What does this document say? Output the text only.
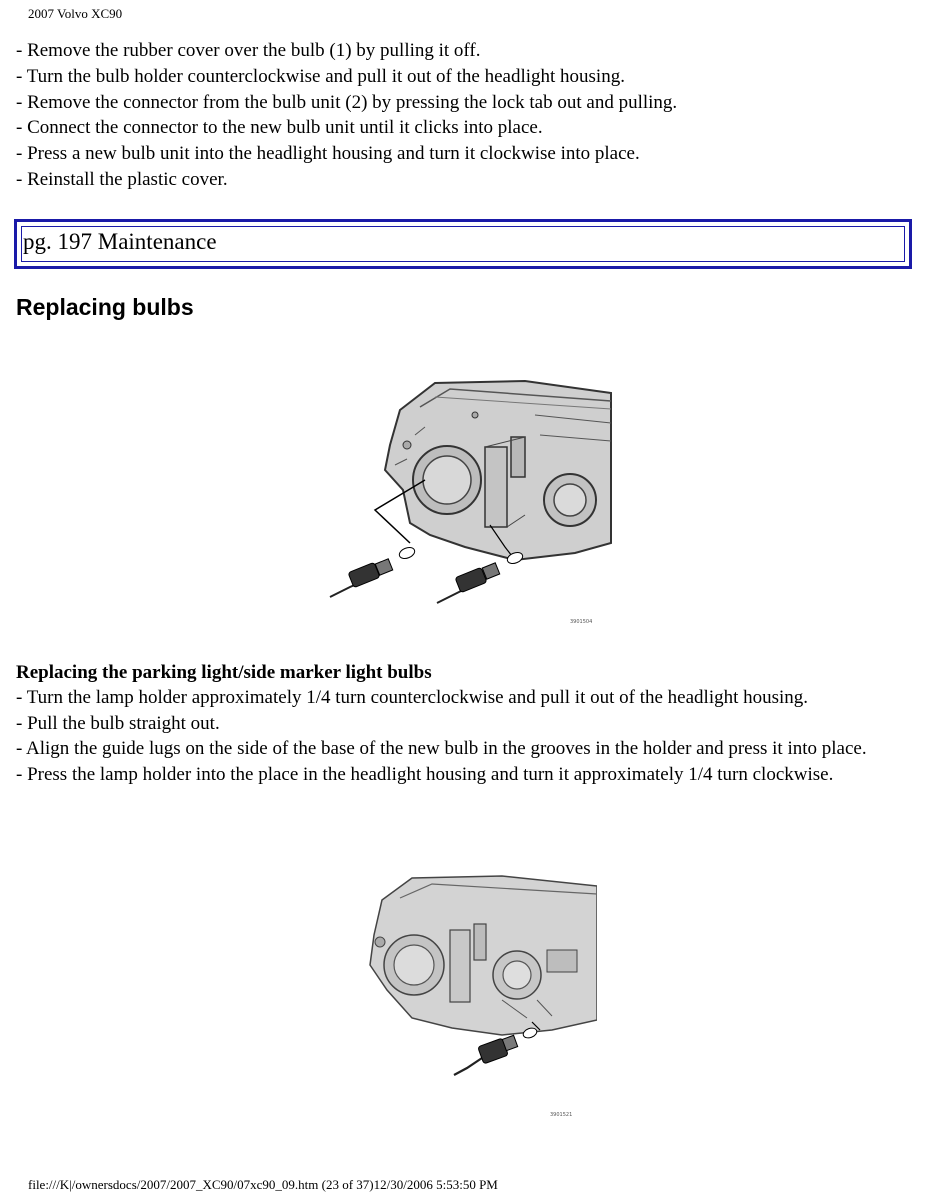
2007 Volvo XC90
- Remove the rubber cover over the bulb (1) by pulling it off.
- Turn the bulb holder counterclockwise and pull it out of the headlight housing.
- Remove the connector from the bulb unit (2) by pressing the lock tab out and pulling.
- Connect the connector to the new bulb unit until it clicks into place.
- Press a new bulb unit into the headlight housing and turn it clockwise into place.
- Reinstall the plastic cover.
pg. 197 Maintenance
Replacing bulbs
3901504
Replacing the parking light/side marker light bulbs

- Turn the lamp holder approximately 1/4 turn counterclockwise and pull it out of the headlight housing.

- Pull the bulb straight out.

- Align the guide lugs on the side of the base of the new bulb in the grooves in the holder and press it into place.

- Press the lamp holder into the place in the headlight housing and turn it approximately 1/4 turn clockwise.

3901521
file:///K|/ownersdocs/2007/2007_XC90/07xc90_09.htm (23 of 37)12/30/2006 5:53:50 PM
